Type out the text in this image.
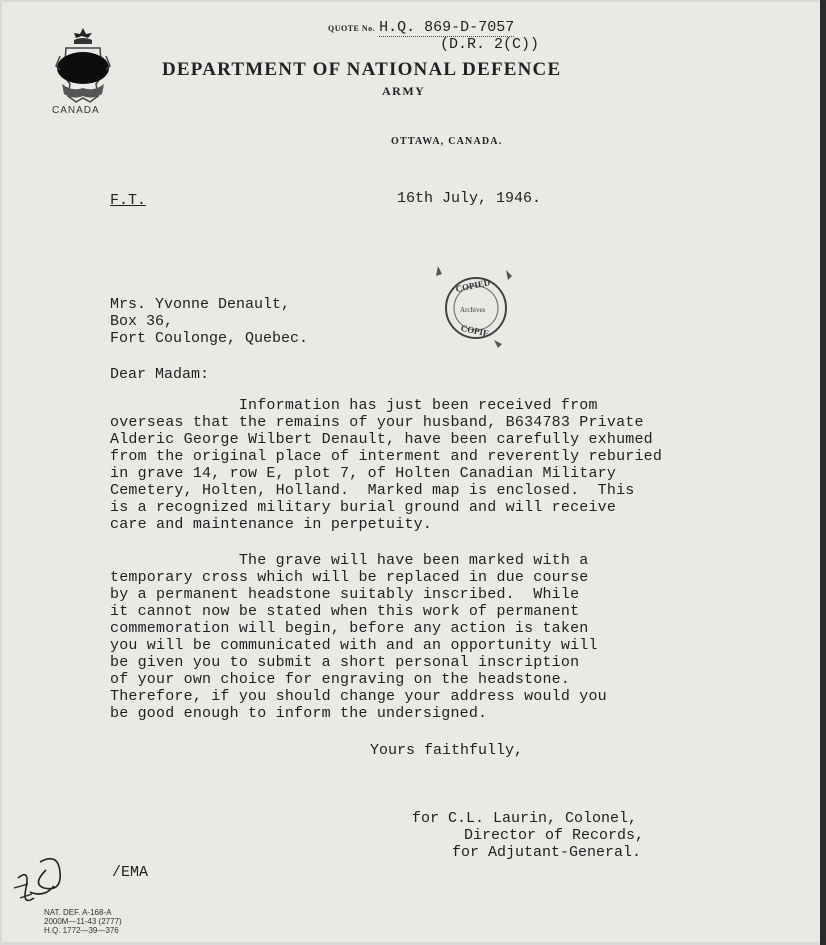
CANADA
QUOTE No. H.Q. 869-D-7057
(D.R. 2(C))
DEPARTMENT OF NATIONAL DEFENCE
ARMY
OTTAWA, CANADA.
F.T.	16th July, 1946.
COPIED
Archives
COPIE
Mrs. Yvonne Denault,
Box 36,
Fort Coulonge, Quebec.
Dear Madam:
Information has just been received from
overseas that the remains of your husband, B634783 Private
Alderic George Wilbert Denault, have been carefully exhumed
from the original place of interment and reverently reburied
in grave 14, row E, plot 7, of Holten Canadian Military
Cemetery, Holten, Holland.  Marked map is enclosed.  This
is a recognized military burial ground and will receive
care and maintenance in perpetuity.
The grave will have been marked with a
temporary cross which will be replaced in due course
by a permanent headstone suitably inscribed.  While
it cannot now be stated when this work of permanent
commemoration will begin, before any action is taken
you will be communicated with and an opportunity will
be given you to submit a short personal inscription
of your own choice for engraving on the headstone.
Therefore, if you should change your address would you
be good enough to inform the undersigned.
Yours faithfully,
for C.L. Laurin, Colonel,
Director of Records,
for Adjutant-General.
/EMA
NAT. DEF. A-168-A
2000M—11-43 (2777)
H.Q. 1772—39—376
